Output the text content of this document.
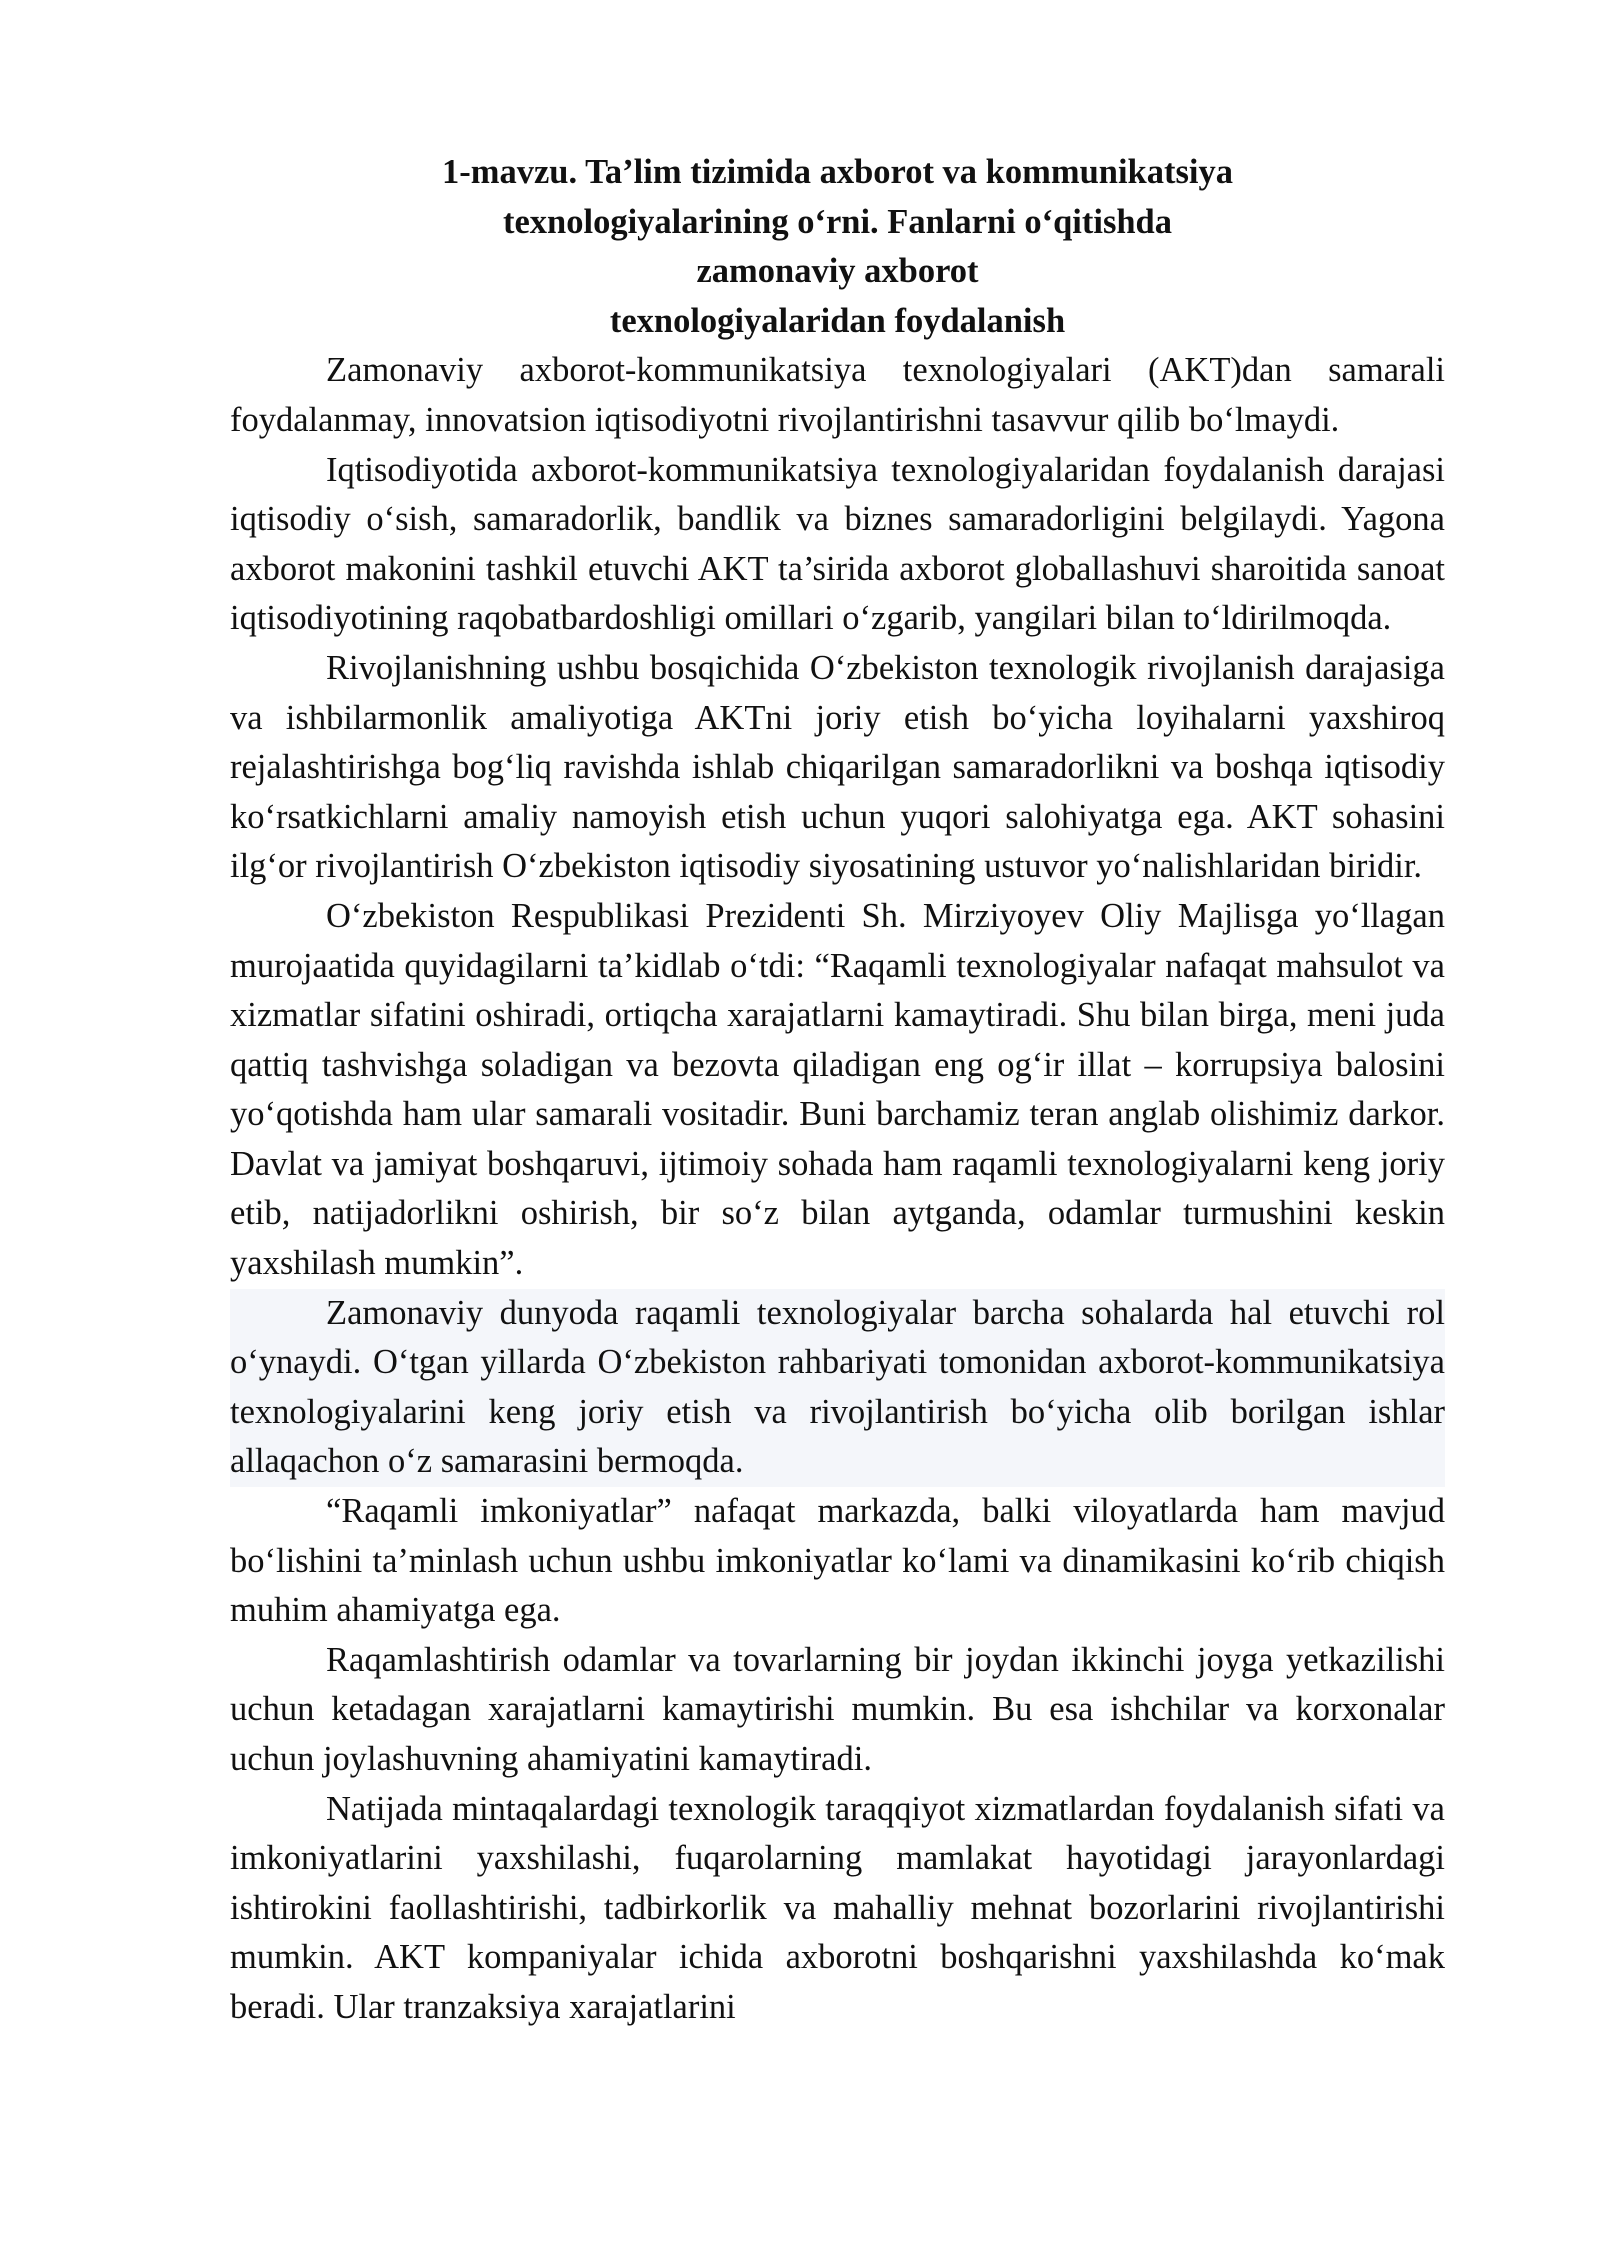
1-mavzu. Ta’lim tizimida axborot va kommunikatsiya
texnologiyalarining o‘rni. Fanlarni o‘qitishda zamonaviy axborot
texnologiyalaridan foydalanish

Zamonaviy axborot-kommunikatsiya texnologiyalari (AKT)dan samarali foydalanmay, innovatsion iqtisodiyotni rivojlantirishni tasavvur qilib bo‘lmaydi.

Iqtisodiyotida axborot-kommunikatsiya texnologiyalaridan foydalanish darajasi iqtisodiy o‘sish, samaradorlik, bandlik va biznes samaradorligini belgilaydi. Yagona axborot makonini tashkil etuvchi AKT ta’sirida axborot globallashuvi sharoitida sanoat iqtisodiyotining raqobatbardoshligi omillari o‘zgarib, yangilari bilan to‘ldirilmoqda.

Rivojlanishning ushbu bosqichida O‘zbekiston texnologik rivojlanish darajasiga va ishbilarmonlik amaliyotiga AKTni joriy etish bo‘yicha loyihalarni yaxshiroq rejalashtirishga bog‘liq ravishda ishlab chiqarilgan samaradorlikni va boshqa iqtisodiy ko‘rsatkichlarni amaliy namoyish etish uchun yuqori salohiyatga ega. AKT sohasini ilg‘or rivojlantirish O‘zbekiston iqtisodiy siyosatining ustuvor yo‘nalishlaridan biridir.

O‘zbekiston Respublikasi Prezidenti Sh. Mirziyoyev Oliy Majlisga yo‘llagan murojaatida quyidagilarni ta’kidlab o‘tdi: “Raqamli texnologiyalar nafaqat mahsulot va xizmatlar sifatini oshiradi, ortiqcha xarajatlarni kamaytiradi. Shu bilan birga, meni juda qattiq tashvishga soladigan va bezovta qiladigan eng og‘ir illat – korrupsiya balosini yo‘qotishda ham ular samarali vositadir. Buni barchamiz teran anglab olishimiz darkor. Davlat va jamiyat boshqaruvi, ijtimoiy sohada ham raqamli texnologiyalarni keng joriy etib, natijadorlikni oshirish, bir so‘z bilan aytganda, odamlar turmushini keskin yaxshilash mumkin”.

Zamonaviy dunyoda raqamli texnologiyalar barcha sohalarda hal etuvchi rol o‘ynaydi. O‘tgan yillarda O‘zbekiston rahbariyati tomonidan axborot-kommunikatsiya texnologiyalarini keng joriy etish va rivojlantirish bo‘yicha olib borilgan ishlar allaqachon o‘z samarasini bermoqda.

“Raqamli imkoniyatlar” nafaqat markazda, balki viloyatlarda ham mavjud bo‘lishini ta’minlash uchun ushbu imkoniyatlar ko‘lami va dinamikasini ko‘rib chiqish muhim ahamiyatga ega.

Raqamlashtirish odamlar va tovarlarning bir joydan ikkinchi joyga yetkazilishi uchun ketadagan xarajatlarni kamaytirishi mumkin. Bu esa ishchilar va korxonalar uchun joylashuvning ahamiyatini kamaytiradi.

Natijada mintaqalardagi texnologik taraqqiyot xizmatlardan foydalanish sifati va imkoniyatlarini yaxshilashi, fuqarolarning mamlakat hayotidagi jarayonlardagi ishtirokini faollashtirishi, tadbirkorlik va mahalliy mehnat bozorlarini rivojlantirishi mumkin. AKT kompaniyalar ichida axborotni boshqarishni yaxshilashda ko‘mak beradi. Ular tranzaksiya xarajatlarini
